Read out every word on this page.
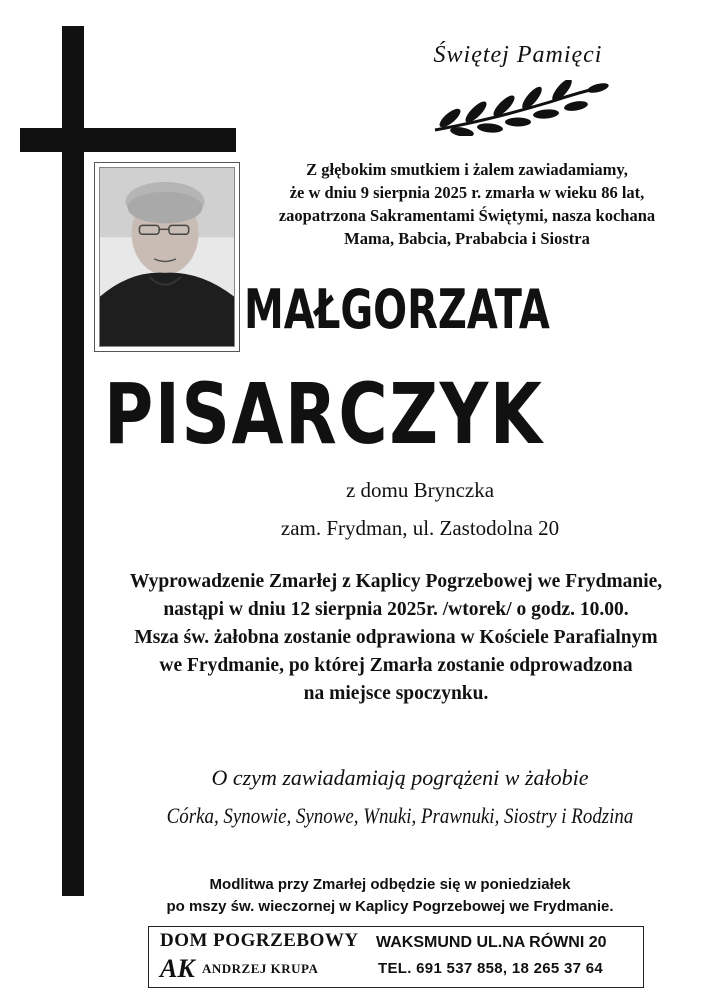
Świętej Pamięci
Z głębokim smutkiem i żalem zawiadamiamy,
że w dniu 9 sierpnia 2025 r. zmarła w wieku 86 lat,
zaopatrzona Sakramentami Świętymi, nasza kochana
Mama, Babcia, Prababcia i Siostra
MAŁGORZATA
PISARCZYK
z domu Brynczka
zam. Frydman, ul. Zastodolna 20
Wyprowadzenie Zmarłej z Kaplicy Pogrzebowej we Frydmanie,
nastąpi w dniu 12 sierpnia 2025r. /wtorek/ o godz. 10.00.
Msza św. żałobna zostanie odprawiona w Kościele Parafialnym
we Frydmanie, po której Zmarła zostanie odprowadzona
na miejsce spoczynku.
O czym zawiadamiają pogrążeni w żałobie
Córka, Synowie, Synowe, Wnuki, Prawnuki, Siostry i Rodzina
Modlitwa przy Zmarłej odbędzie się w poniedziałek
po mszy św. wieczornej w Kaplicy Pogrzebowej we Frydmanie.
DOM POGRZEBOWY
AK ANDRZEJ KRUPA
WAKSMUND UL.NA RÓWNI 20
TEL. 691 537 858, 18 265 37 64
